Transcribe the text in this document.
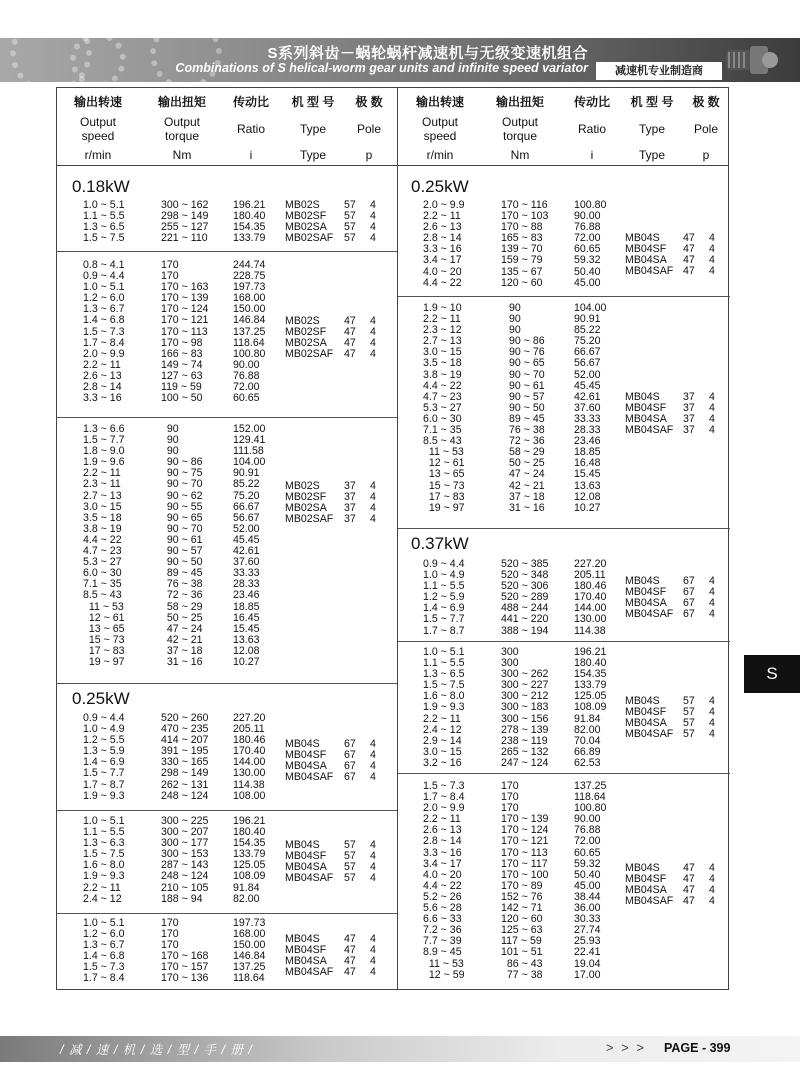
S系列斜齿－蜗轮蜗杆减速机与无级变速机组合
Combinations of S helical-worm gear units and infinite speed variator	减速机专业制造商
输出转速
Output
speed
r/min
输出扭矩
Output
torque
Nm
传动比
Ratio
i
机 型 号
Type
Type
极 数
Pole
p
输出转速
Output
speed
r/min
输出扭矩
Output
torque
Nm
传动比
Ratio
i
机 型 号
Type
Type
极 数
Pole
p
0.18kW
1.0 ~ 5.1
1.1 ~ 5.5
1.3 ~ 6.5
1.5 ~ 7.5
300 ~ 162
298 ~ 149
255 ~ 127
221 ~ 110
196.21
180.40
154.35
133.79
MB02S
MB02SF
MB02SA
MB02SAF
57
57
57
57
4
4
4
4
0.8 ~ 4.1
0.9 ~ 4.4
1.0 ~ 5.1
1.2 ~ 6.0
1.3 ~ 6.7
1.4 ~ 6.8
1.5 ~ 7.3
1.7 ~ 8.4
2.0 ~ 9.9
2.2 ~ 11
2.6 ~ 13
2.8 ~ 14
3.3 ~ 16
170
170
170 ~ 163
170 ~ 139
170 ~ 124
170 ~ 121
170 ~ 113
170 ~ 98
166 ~ 83
149 ~ 74
127 ~ 63
119 ~ 59
100 ~ 50
244.74
228.75
197.73
168.00
150.00
146.84
137.25
118.64
100.80
90.00
76.88
72.00
60.65
MB02S
MB02SF
MB02SA
MB02SAF
47
47
47
47
4
4
4
4
1.3 ~ 6.6
1.5 ~ 7.7
1.8 ~ 9.0
1.9 ~ 9.6
2.2 ~ 11
2.3 ~ 11
2.7 ~ 13
3.0 ~ 15
3.5 ~ 18
3.8 ~ 19
4.4 ~ 22
4.7 ~ 23
5.3 ~ 27
6.0 ~ 30
7.1 ~ 35
8.5 ~ 43
11 ~ 53
12 ~ 61
13 ~ 65
15 ~ 73
17 ~ 83
19 ~ 97
90
90
90
90 ~ 86
90 ~ 75
90 ~ 70
90 ~ 62
90 ~ 55
90 ~ 65
90 ~ 70
90 ~ 61
90 ~ 57
90 ~ 50
89 ~ 45
76 ~ 38
72 ~ 36
58 ~ 29
50 ~ 25
47 ~ 24
42 ~ 21
37 ~ 18
31 ~ 16
152.00
129.41
111.58
104.00
90.91
85.22
75.20
66.67
56.67
52.00
45.45
42.61
37.60
33.33
28.33
23.46
18.85
16.45
15.45
13.63
12.08
10.27
MB02S
MB02SF
MB02SA
MB02SAF
37
37
37
37
4
4
4
4
0.25kW
0.9 ~ 4.4
1.0 ~ 4.9
1.2 ~ 5.5
1.3 ~ 5.9
1.4 ~ 6.9
1.5 ~ 7.7
1.7 ~ 8.7
1.9 ~ 9.3
520 ~ 260
470 ~ 235
414 ~ 207
391 ~ 195
330 ~ 165
298 ~ 149
262 ~ 131
248 ~ 124
227.20
205.11
180.46
170.40
144.00
130.00
114.38
108.00
MB04S
MB04SF
MB04SA
MB04SAF
67
67
67
67
4
4
4
4
1.0 ~ 5.1
1.1 ~ 5.5
1.3 ~ 6.3
1.5 ~ 7.5
1.6 ~ 8.0
1.9 ~ 9.3
2.2 ~ 11
2.4 ~ 12
300 ~ 225
300 ~ 207
300 ~ 177
300 ~ 153
287 ~ 143
248 ~ 124
210 ~ 105
188 ~ 94
196.21
180.40
154.35
133.79
125.05
108.09
91.84
82.00
MB04S
MB04SF
MB04SA
MB04SAF
57
57
57
57
4
4
4
4
1.0 ~ 5.1
1.2 ~ 6.0
1.3 ~ 6.7
1.4 ~ 6.8
1.5 ~ 7.3
1.7 ~ 8.4
170
170
170
170 ~ 168
170 ~ 157
170 ~ 136
197.73
168.00
150.00
146.84
137.25
118.64
MB04S
MB04SF
MB04SA
MB04SAF
47
47
47
47
4
4
4
4
0.25kW
2.0 ~ 9.9
2.2 ~ 11
2.6 ~ 13
2.8 ~ 14
3.3 ~ 16
3.4 ~ 17
4.0 ~ 20
4.4 ~ 22
170 ~ 116
170 ~ 103
170 ~ 88
165 ~ 83
139 ~ 70
159 ~ 79
135 ~ 67
120 ~ 60
100.80
90.00
76.88
72.00
60.65
59.32
50.40
45.00
MB04S
MB04SF
MB04SA
MB04SAF
47
47
47
47
4
4
4
4
1.9 ~ 10
2.2 ~ 11
2.3 ~ 12
2.7 ~ 13
3.0 ~ 15
3.5 ~ 18
3.8 ~ 19
4.4 ~ 22
4.7 ~ 23
5.3 ~ 27
6.0 ~ 30
7.1 ~ 35
8.5 ~ 43
11 ~ 53
12 ~ 61
13 ~ 65
15 ~ 73
17 ~ 83
19 ~ 97
90
90
90
90 ~ 86
90 ~ 76
90 ~ 65
90 ~ 70
90 ~ 61
90 ~ 57
90 ~ 50
89 ~ 45
76 ~ 38
72 ~ 36
58 ~ 29
50 ~ 25
47 ~ 24
42 ~ 21
37 ~ 18
31 ~ 16
104.00
90.91
85.22
75.20
66.67
56.67
52.00
45.45
42.61
37.60
33.33
28.33
23.46
18.85
16.48
15.45
13.63
12.08
10.27
MB04S
MB04SF
MB04SA
MB04SAF
37
37
37
37
4
4
4
4
0.37kW
0.9 ~ 4.4
1.0 ~ 4.9
1.1 ~ 5.5
1.2 ~ 5.9
1.4 ~ 6.9
1.5 ~ 7.7
1.7 ~ 8.7
520 ~ 385
520 ~ 348
520 ~ 306
520 ~ 289
488 ~ 244
441 ~ 220
388 ~ 194
227.20
205.11
180.46
170.40
144.00
130.00
114.38
MB04S
MB04SF
MB04SA
MB04SAF
67
67
67
67
4
4
4
4
1.0 ~ 5.1
1.1 ~ 5.5
1.3 ~ 6.5
1.5 ~ 7.5
1.6 ~ 8.0
1.9 ~ 9.3
2.2 ~ 11
2.4 ~ 12
2.9 ~ 14
3.0 ~ 15
3.2 ~ 16
300
300
300 ~ 262
300 ~ 227
300 ~ 212
300 ~ 183
300 ~ 156
278 ~ 139
238 ~ 119
265 ~ 132
247 ~ 124
196.21
180.40
154.35
133.79
125.05
108.09
91.84
82.00
70.04
66.89
62.53
MB04S
MB04SF
MB04SA
MB04SAF
57
57
57
57
4
4
4
4
1.5 ~ 7.3
1.7 ~ 8.4
2.0 ~ 9.9
2.2 ~ 11
2.6 ~ 13
2.8 ~ 14
3.3 ~ 16
3.4 ~ 17
4.0 ~ 20
4.4 ~ 22
5.2 ~ 26
5.6 ~ 28
6.6 ~ 33
7.2 ~ 36
7.7 ~ 39
8.9 ~ 45
11 ~ 53
12 ~ 59
170
170
170
170 ~ 139
170 ~ 124
170 ~ 121
170 ~ 113
170 ~ 117
170 ~ 100
170 ~ 89
152 ~ 76
142 ~ 71
120 ~ 60
125 ~ 63
117 ~ 59
101 ~ 51
86 ~ 43
77 ~ 38
137.25
118.64
100.80
90.00
76.88
72.00
60.65
59.32
50.40
45.00
38.44
36.00
30.33
27.74
25.93
22.41
19.04
17.00
MB04S
MB04SF
MB04SA
MB04SAF
47
47
47
47
4
4
4
4
S
/ 减 / 速 / 机 / 选 / 型 / 手 / 册 /	> > > PAGE - 399
